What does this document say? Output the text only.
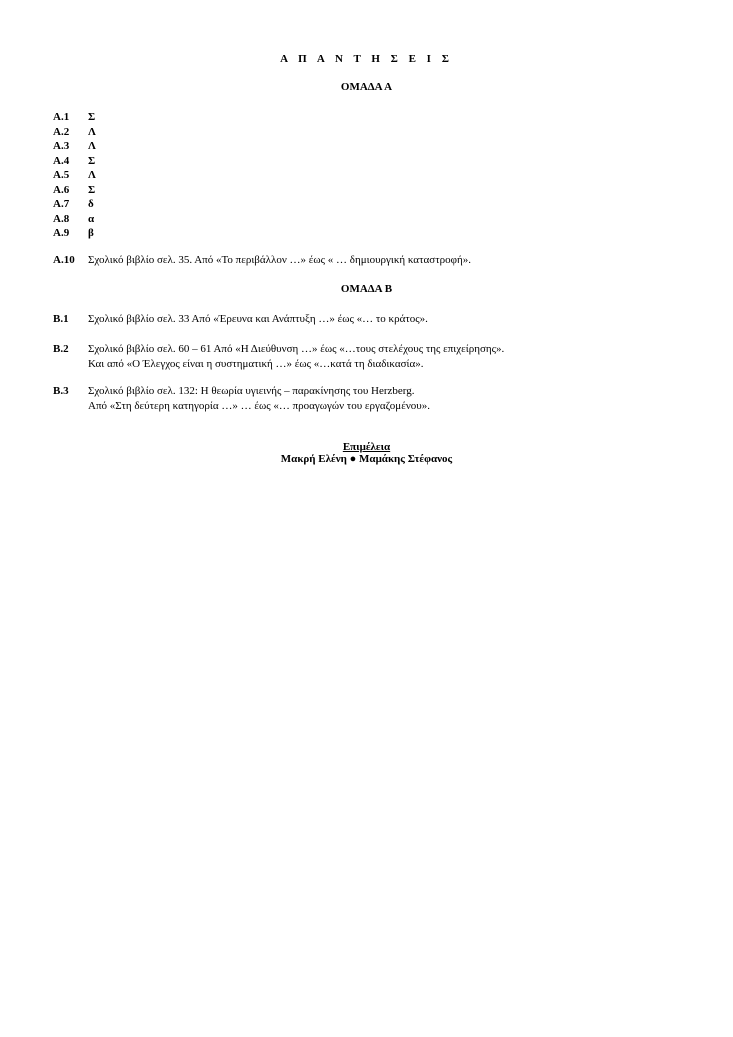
Α Π Α Ν Τ Η Σ Ε Ι Σ
ΟΜΑΔΑ Α
Α.1 Σ
Α.2 Λ
Α.3 Λ
Α.4 Σ
Α.5 Λ
Α.6 Σ
Α.7 δ
Α.8 α
Α.9 β
Α.10 Σχολικό βιβλίο σελ. 35. Από «Το περιβάλλον …» έως « … δημιουργική καταστροφή».
ΟΜΑΔΑ Β
Β.1 Σχολικό βιβλίο σελ. 33 Από «Έρευνα και Ανάπτυξη …» έως «… το κράτος».
Β.2 Σχολικό βιβλίο σελ. 60 – 61 Από «Η Διεύθυνση …» έως «…τους στελέχους της επιχείρησης».
Και από «Ο Έλεγχος είναι η συστηματική …» έως «…κατά τη διαδικασία».
Β.3 Σχολικό βιβλίο σελ. 132: Η θεωρία υγιεινής – παρακίνησης του Herzberg.
Από «Στη δεύτερη κατηγορία …» … έως «… προαγωγών του εργαζομένου».
Επιμέλεια
Μακρή Ελένη ● Μαμάκης Στέφανος
